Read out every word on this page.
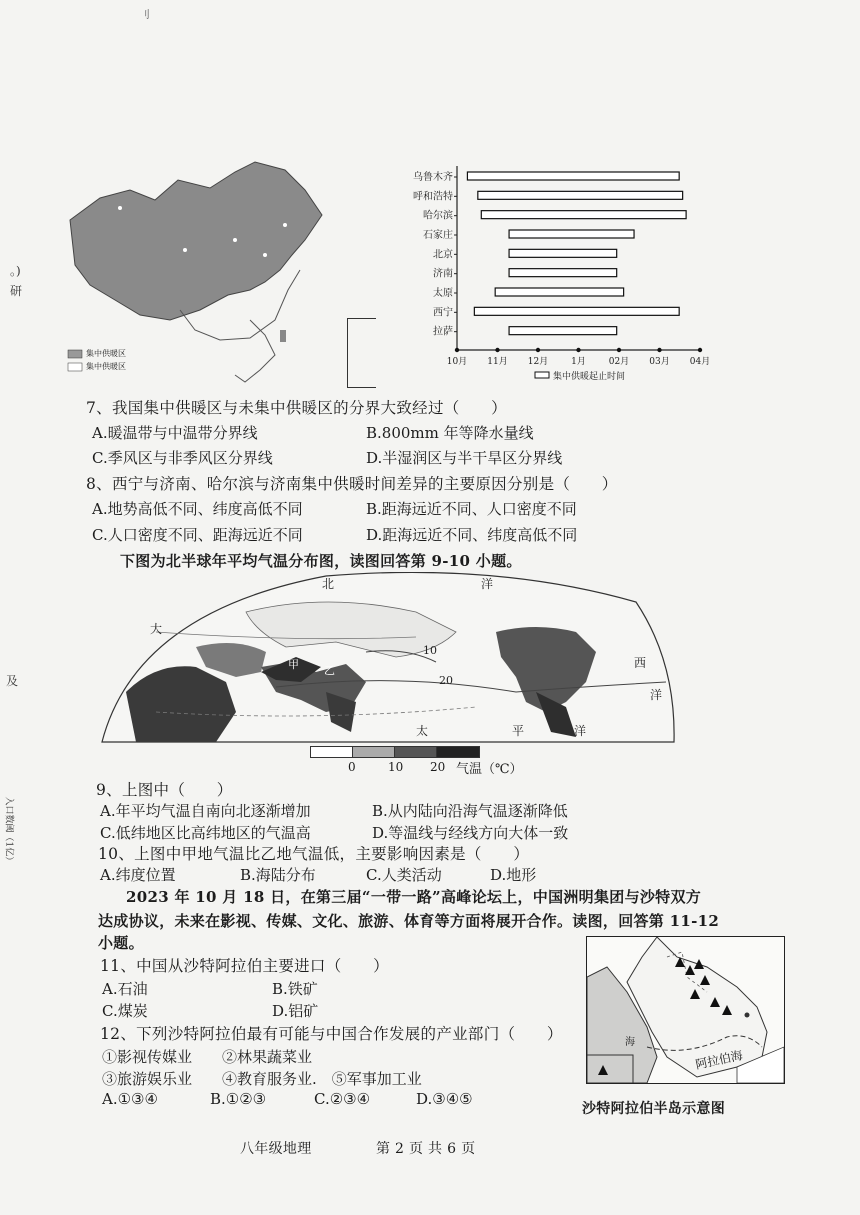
刂
。)
研
及
入口数阈（1亿）
集中供暖区
集中供暖区
乌鲁木齐
呼和浩特
哈尔滨
石家庄
北京
济南
太原
西宁
拉萨
10月 11月 12月	1月	02月 03月 04月
集中供暖起止时间
7、我国集中供暖区与未集中供暖区的分界大致经过（　　）
A.暖温带与中温带分界线	B.800mm 年等降水量线
C.季风区与非季风区分界线	D.半湿润区与半干旱区分界线
8、西宁与济南、哈尔滨与济南集中供暖时间差异的主要原因分别是（　　）
A.地势高低不同、纬度高低不同	B.距海远近不同、人口密度不同
C.人口密度不同、距海远近不同	D.距海远近不同、纬度高低不同
下图为北半球年平均气温分布图，读图回答第 9-10 小题。
北	洋
大
西
洋
太	平	洋
甲 乙
10
20
0	10 20 气温（℃）
9、上图中（　　）
A.年平均气温自南向北逐渐增加	B.从内陆向沿海气温逐渐降低
C.低纬地区比高纬地区的气温高	D.等温线与经线方向大体一致
10、上图中甲地气温比乙地气温低，主要影响因素是（　　）
A.纬度位置	B.海陆分布	C.人类活动	D.地形
2023 年 10 月 18 日，在第三届“一带一路”高峰论坛上，中国洲明集团与沙特双方
达成协议，未来在影视、传媒、文化、旅游、体育等方面将展开合作。读图，回答第 11-12
小题。
11、中国从沙特阿拉伯主要进口（　　）
A.石油	B.铁矿
C.煤炭	D.铝矿
12、下列沙特阿拉伯最有可能与中国合作发展的产业部门（　　）
①影视传媒业　　②林果蔬菜业
③旅游娱乐业　　④教育服务业.　⑤军事加工业
A.①③④	B.①②③	C.②③④	D.③④⑤
海
阿拉伯海
沙特阿拉伯半岛示意图
八年级地理	第 2 页 共 6 页
